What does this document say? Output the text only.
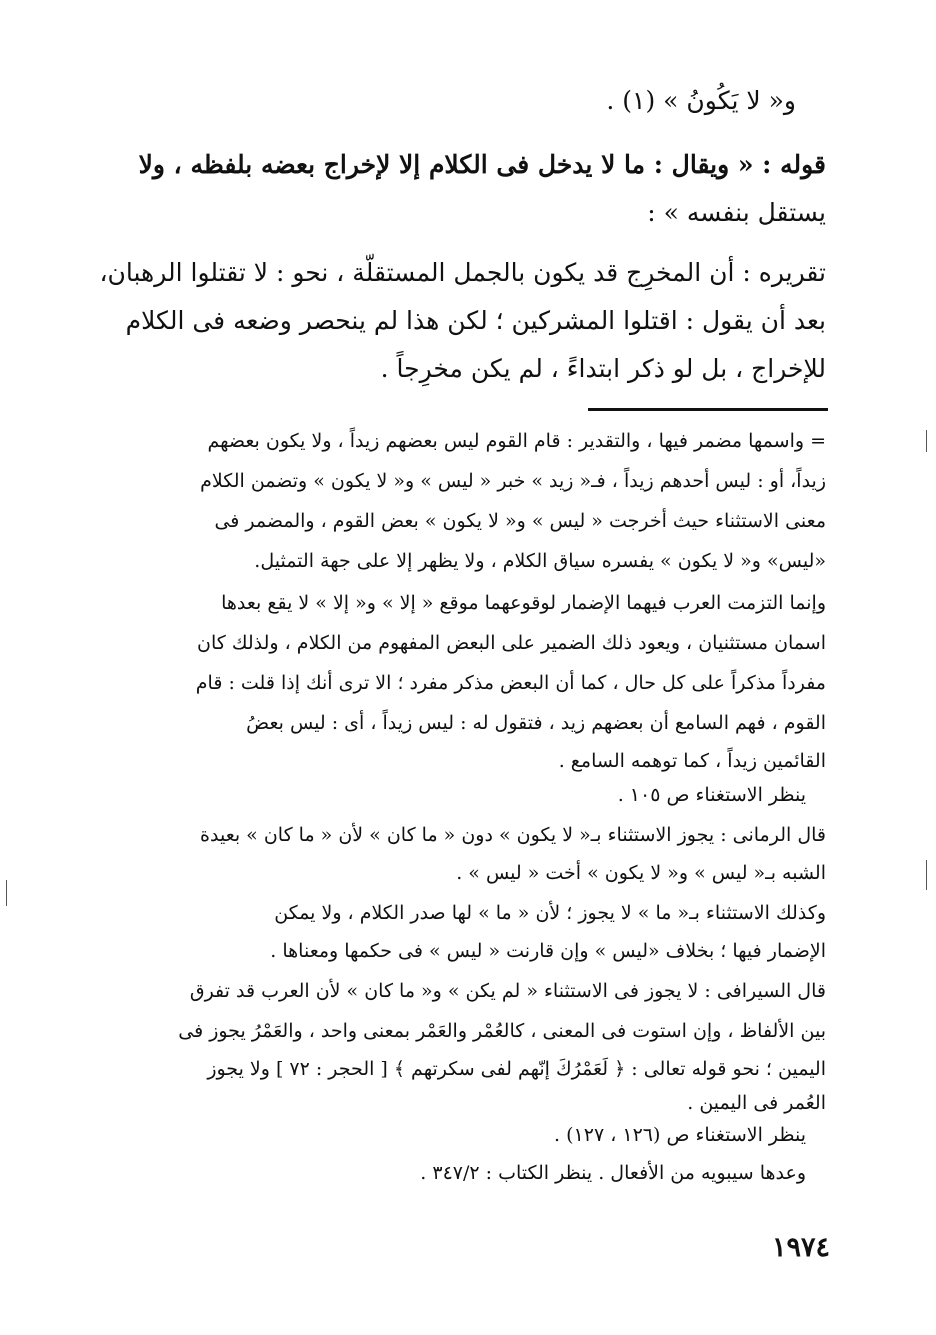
و« لا يَكُونُ » (١) .
قوله : « ويقال : ما لا يدخل فى الكلام إلا لإخراج بعضه بلفظه ، ولا
يستقل بنفسه » :
تقريره : أن المخرِج قد يكون بالجمل المستقلّة ، نحو : لا تقتلوا الرهبان،
بعد أن يقول : اقتلوا المشركين ؛ لكن هذا لم ينحصر وضعه فى الكلام
للإخراج ، بل لو ذكر ابتداءً ، لم يكن مخرِجاً .
= واسمها مضمر فيها ، والتقدير : قام القوم ليس بعضهم زيداً ، ولا يكون بعضهم
زيداً، أو : ليس أحدهم زيداً ، فـ« زيد » خبر « ليس » و« لا يكون » وتضمن الكلام
معنى الاستثناء حيث أخرجت « ليس » و« لا يكون » بعض القوم ، والمضمر فى
«ليس» و« لا يكون » يفسره سياق الكلام ، ولا يظهر إلا على جهة التمثيل.
وإنما التزمت العرب فيهما الإضمار لوقوعهما موقع « إلا » و« إلا » لا يقع بعدها
اسمان مستثنيان ، ويعود ذلك الضمير على البعض المفهوم من الكلام ، ولذلك كان
مفرداً مذكراً على كل حال ، كما أن البعض مذكر مفرد ؛ الا ترى أنك إذا قلت : قام
القوم ، فهم السامع أن بعضهم زيد ، فتقول له : ليس زيداً ، أى : ليس بعضُ
القائمين زيداً ، كما توهمه السامع .
ينظر الاستغناء ص ١٠٥ .
قال الرمانى : يجوز الاستثناء بـ« لا يكون » دون « ما كان » لأن « ما كان » بعيدة
الشبه بـ« ليس » و« لا يكون » أخت « ليس » .
وكذلك الاستثناء بـ« ما » لا يجوز ؛ لأن « ما » لها صدر الكلام ، ولا يمكن
الإضمار فيها ؛ بخلاف «ليس » وإن قارنت « ليس » فى حكمها ومعناها .
قال السيرافى : لا يجوز فى الاستثناء « لم يكن » و« ما كان » لأن العرب قد تفرق
بين الألفاظ ، وإن استوت فى المعنى ، كالعُمْر والعَمْر بمعنى واحد ، والعَمْرُ يجوز فى
اليمين ؛ نحو قوله تعالى : ﴿ لَعَمْرُكَ إنّهم لفى سكرتهم ﴾ [ الحجر : ٧٢ ] ولا يجوز
العُمر فى اليمين .
ينظر الاستغناء ص (١٢٦ ، ١٢٧) .
وعدها سيبويه من الأفعال . ينظر الكتاب : ٣٤٧/٢ .
١٩٧٤
